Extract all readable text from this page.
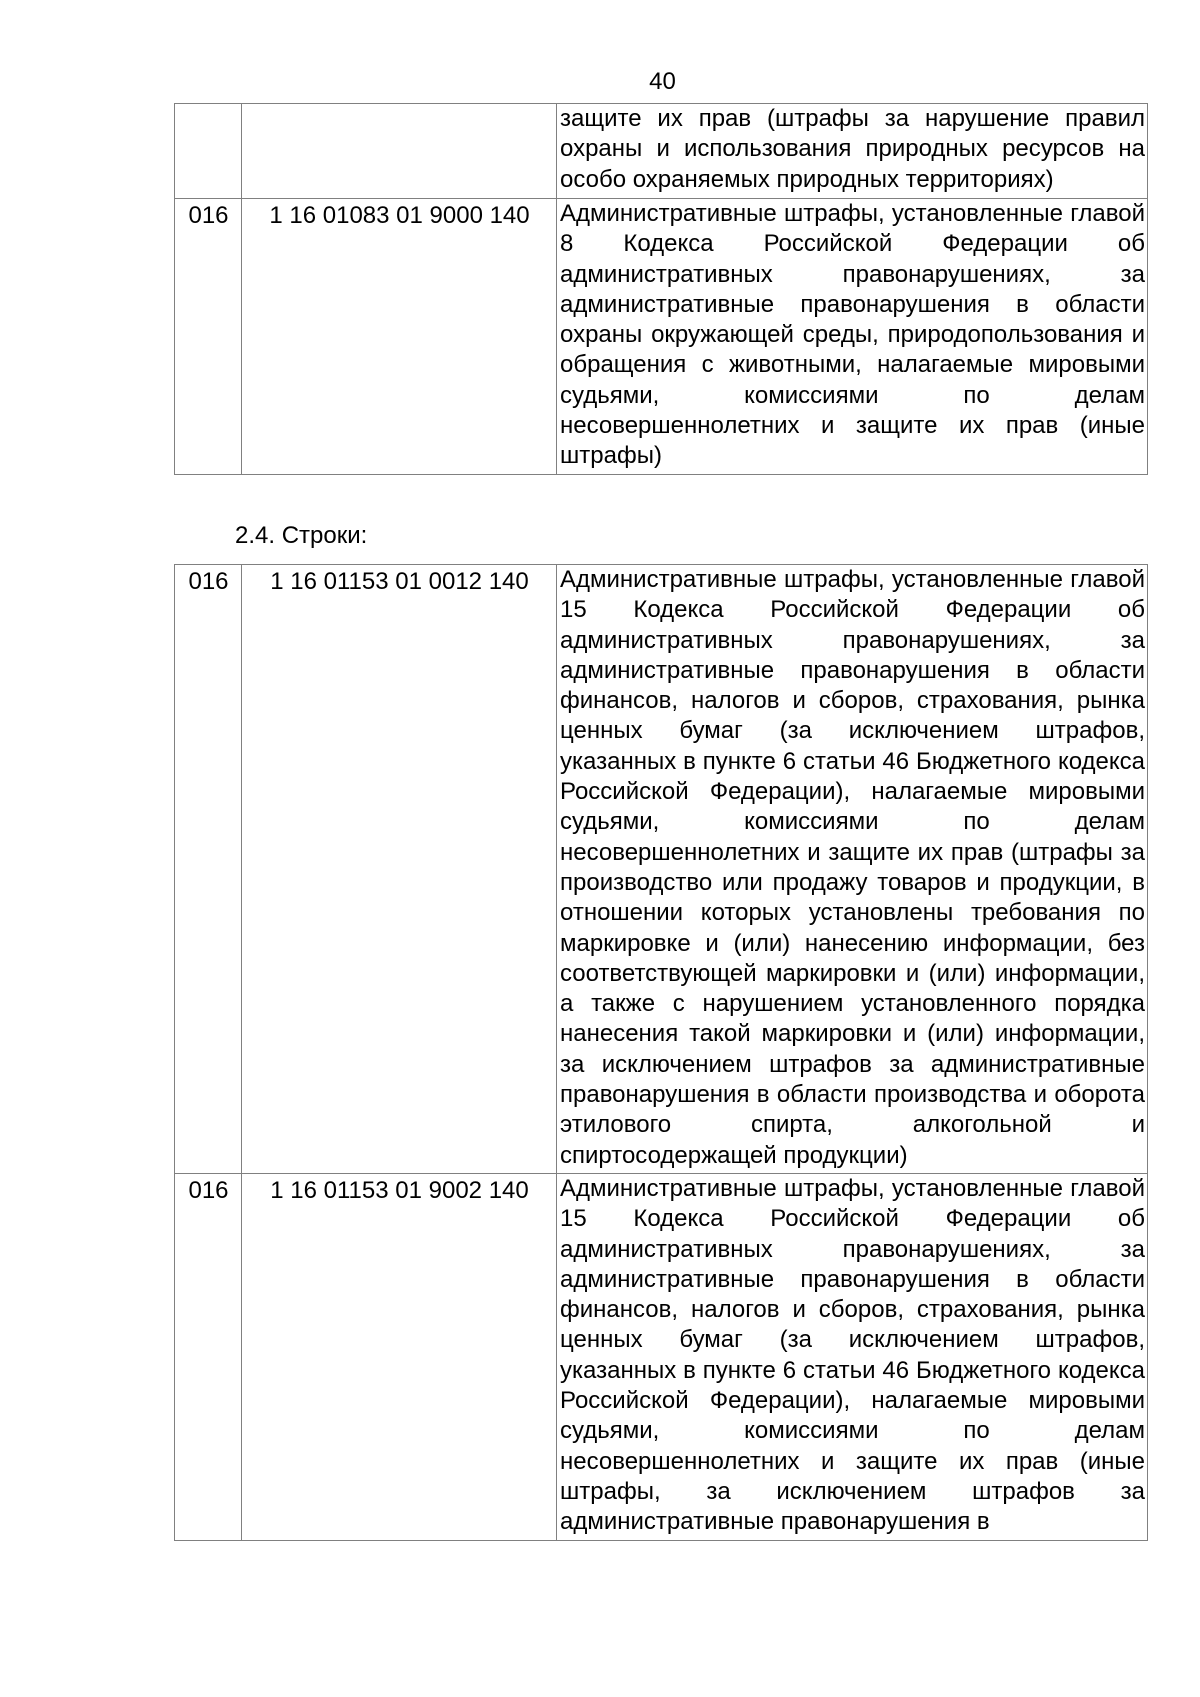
40
		защите их прав (штрафы за нарушение правил охраны и использования природных ресурсов на особо охраняемых природных территориях)
016	1 16 01083 01 9000 140	Административные штрафы, установленные главой 8 Кодекса Российской Федерации об административных правонарушениях, за административные правонарушения в области охраны окружающей среды, природопользования и обращения с животными, налагаемые мировыми судьями, комиссиями по делам несовершеннолетних и защите их прав (иные штрафы)
2.4. Строки:
016	1 16 01153 01 0012 140	Административные штрафы, установленные главой 15 Кодекса Российской Федерации об административных правонарушениях, за административные правонарушения в области финансов, налогов и сборов, страхования, рынка ценных бумаг (за исключением штрафов, указанных в пункте 6 статьи 46 Бюджетного кодекса Российской Федерации), налагаемые мировыми судьями, комиссиями по делам несовершеннолетних и защите их прав (штрафы за производство или продажу товаров и продукции, в отношении которых установлены требования по маркировке и (или) нанесению информации, без соответствующей маркировки и (или) информации, а также с нарушением установленного порядка нанесения такой маркировки и (или) информации, за исключением штрафов за административные правонарушения в области производства и оборота этилового спирта, алкогольной и спиртосодержащей продукции)
016	1 16 01153 01 9002 140	Административные штрафы, установленные главой 15 Кодекса Российской Федерации об административных правонарушениях, за административные правонарушения в области финансов, налогов и сборов, страхования, рынка ценных бумаг (за исключением штрафов, указанных в пункте 6 статьи 46 Бюджетного кодекса Российской Федерации), налагаемые мировыми судьями, комиссиями по делам несовершеннолетних и защите их прав (иные штрафы, за исключением штрафов за административные правонарушения в
